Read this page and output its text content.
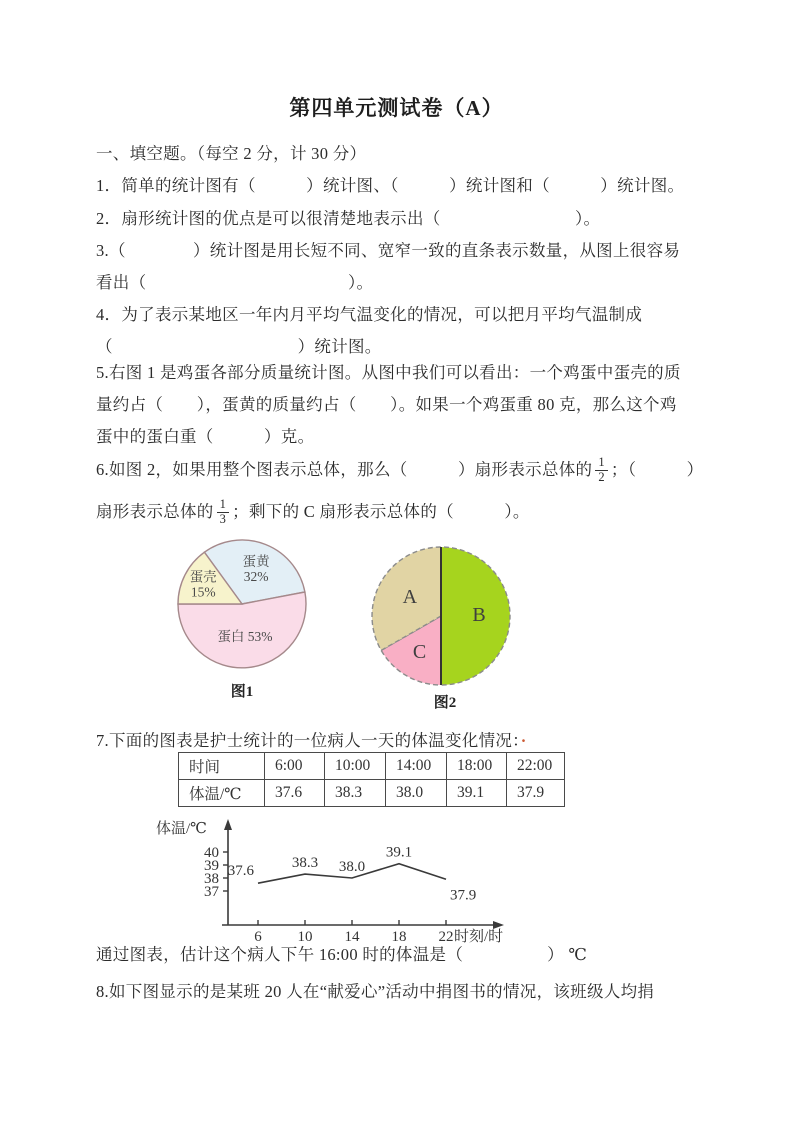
第四单元测试卷（A）
一、填空题。（每空 2 分，计 30 分）
1．简单的统计图有（　　　）统计图、（　　　）统计图和（　　　）统计图。
2．扇形统计图的优点是可以很清楚地表示出（　　　　　　　　）。
3.（　　　　）统计图是用长短不同、宽窄一致的直条表示数量，从图上很容易
看出（　　　　　　　　　　　　）。
4．为了表示某地区一年内月平均气温变化的情况，可以把月平均气温制成
（　　　　　　　　　　　）统计图。
5.右图 1 是鸡蛋各部分质量统计图。从图中我们可以看出：一个鸡蛋中蛋壳的质
量约占（　　），蛋黄的质量约占（　　）。如果一个鸡蛋重 80 克，那么这个鸡
蛋中的蛋白重（　　　）克。
6.如图 2，如果用整个图表示总体，那么（　　　）扇形表示总体的 $\frac{1}{2}$ ；（　　　）
扇形表示总体的 $\frac{1}{3}$ ；剩下的 C 扇形表示总体的（　　　）。
蛋黄
32%
蛋白 53%
蛋壳
15%
图1
B
C
A
图2
7.下面的图表是护士统计的一位病人一天的体温变化情况：·
时间	6:00	10:00	14:00	18:00	22:00
体温/℃	37.6	38.3	38.0	39.1	37.9
37
38
39
40
6 10 14 18 22
体温/℃
时刻/时
37.6
38.3 38.0
39.1
37.9
通过图表，估计这个病人下午 16:00 时的体温是（　　　　　） ℃
8.如下图显示的是某班 20 人在“献爱心”活动中捐图书的情况，该班级人均捐
